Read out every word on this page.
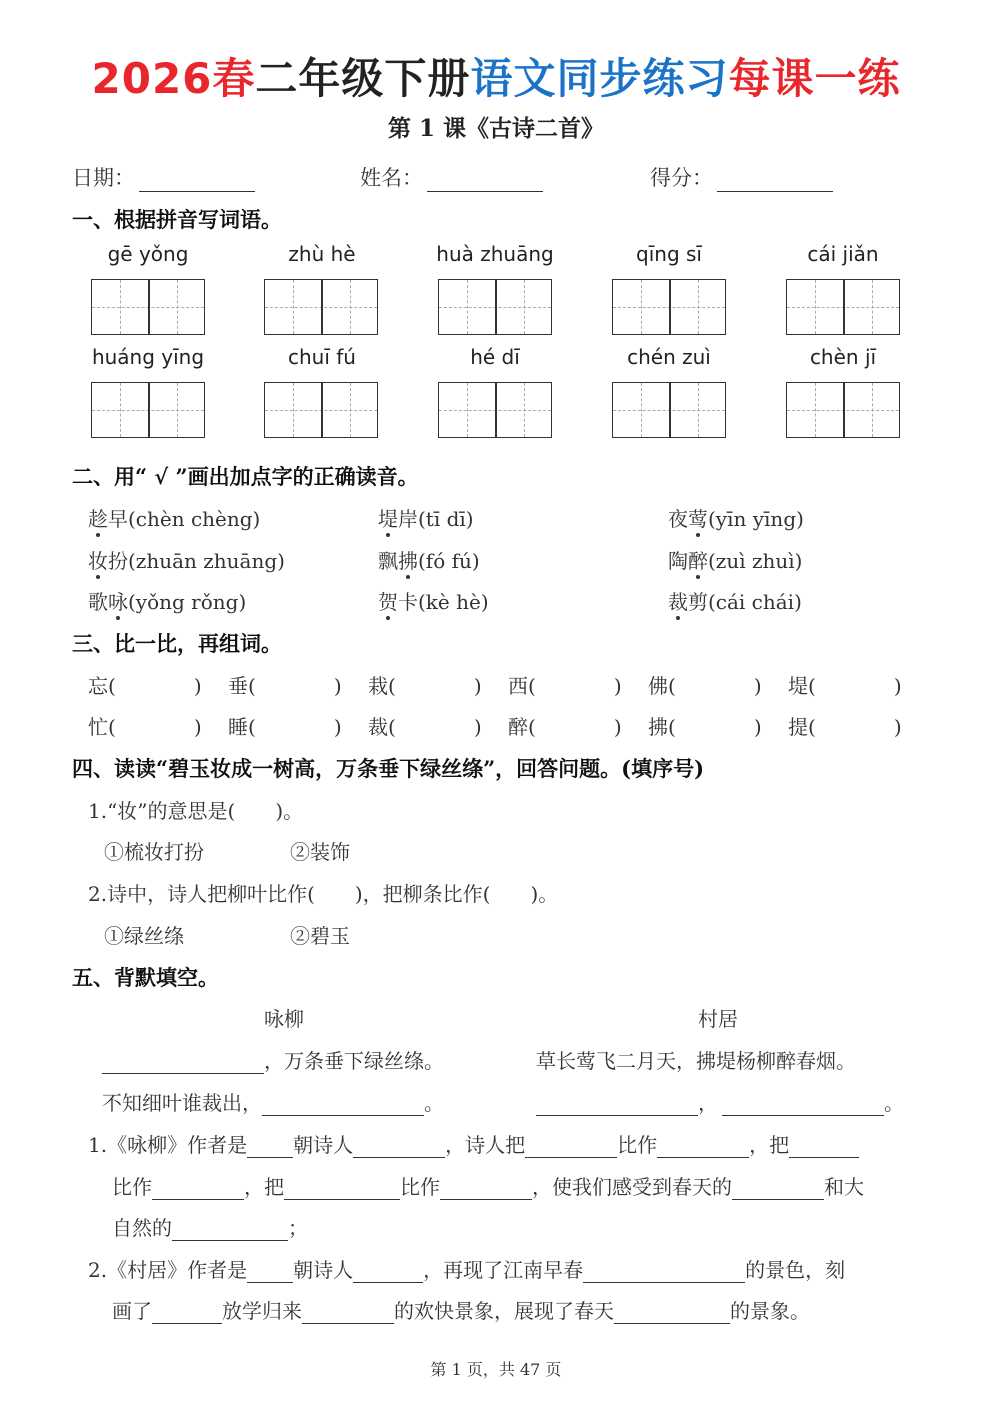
2026春二年级下册语文同步练习每课一练
第 1 课《古诗二首》
日期：	姓名：	得分：
一、根据拼音写词语。
gē yǒng	zhù hè	huà zhuāng	qīng sī	cái jiǎn
huáng yīng	chuī fú	hé dī	chén zuì	chèn jī
二、用“ √ ”画出加点字的正确读音。
趁早(chèn chèng)	堤岸(tī dī)	夜莺(yīn yīng)
妆扮(zhuān zhuāng)	飘拂(fó fú)	陶醉(zuì zhuì)
歌咏(yǒng rǒng)	贺卡(kè hè)	裁剪(cái chái)
三、比一比，再组词。
忘(	) 垂(	) 栽(	) 西(	) 佛(	) 堤(	)
忙(	) 睡(	) 裁(	) 醉(	) 拂(	) 提(	)
四、读读“碧玉妆成一树高，万条垂下绿丝绦”，回答问题。(填序号)
1.“妆”的意思是(　　)。
①梳妆打扮	②装饰
2.诗中，诗人把柳叶比作(　　)，把柳条比作(　　)。
①绿丝绦	②碧玉
五、背默填空。
咏柳	村居
，万条垂下绿丝绦。	草长莺飞二月天，拂堤杨柳醉春烟。
不知细叶谁裁出，	。	，	。
1.《咏柳》作者是 朝诗人	，诗人把	比作	，把
比作	，把	比作	，使我们感受到春天的	和大
自然的	；
2.《村居》作者是 朝诗人	，再现了江南早春	的景色，刻
画了	放学归来	的欢快景象，展现了春天	的景象。
第 1 页，共 47 页
